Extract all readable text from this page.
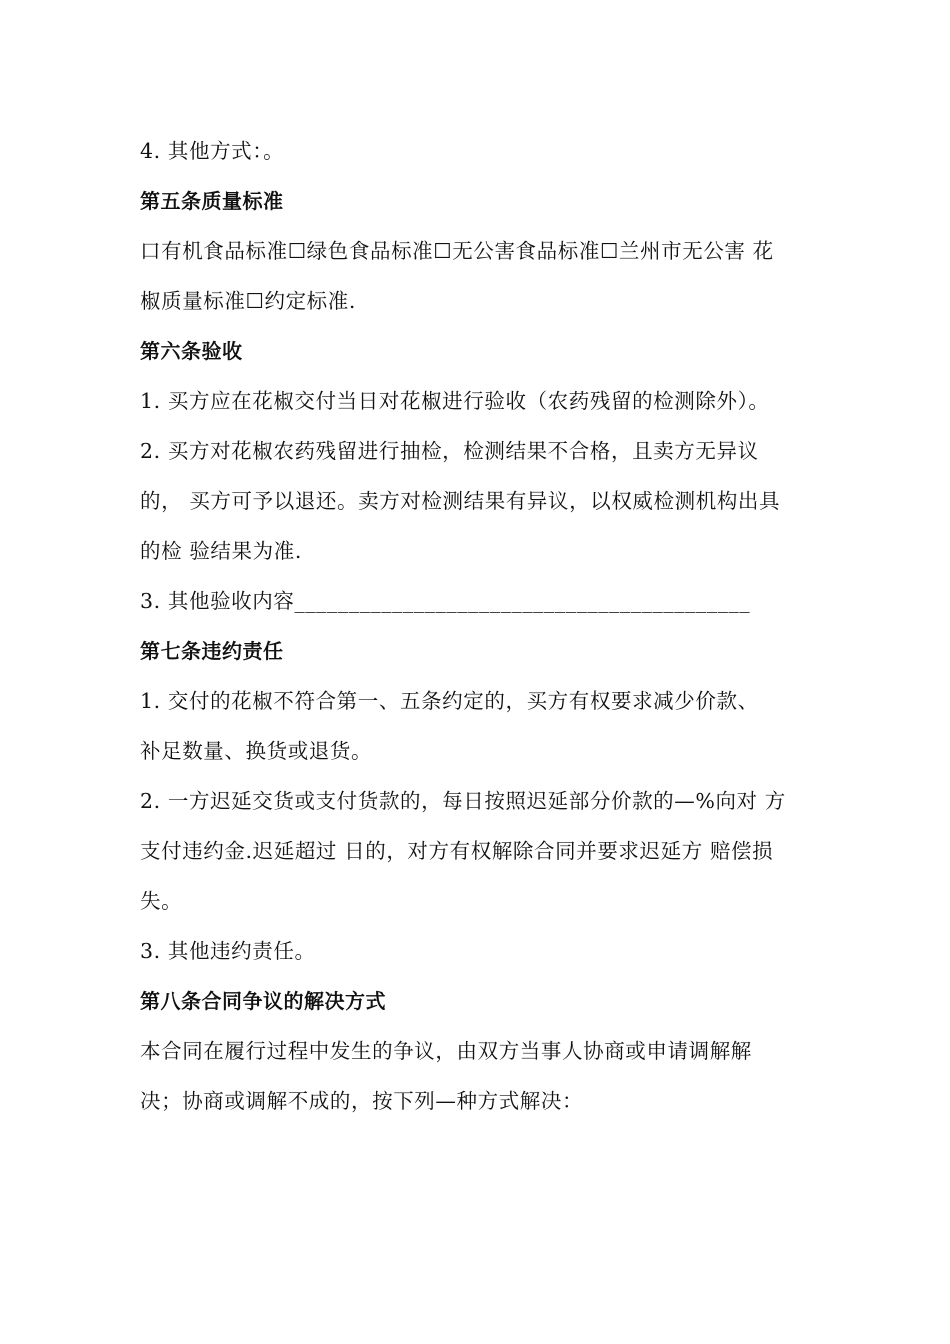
4. 其他方式：。
第五条质量标准
口有机食品标准☐绿色食品标准☐无公害食品标准☐兰州市无公害 花
椒质量标准☐约定标准.
第六条验收
1. 买方应在花椒交付当日对花椒进行验收（农药残留的检测除外）。
2. 买方对花椒农药残留进行抽检，检测结果不合格，且卖方无异议
的， 买方可予以退还。卖方对检测结果有异议，以权威检测机构出具
的检 验结果为准.
3. 其他验收内容__________________________________________
第七条违约责任
1. 交付的花椒不符合第一、五条约定的，买方有权要求减少价款、
补足数量、换货或退货。
2. 一方迟延交货或支付货款的，每日按照迟延部分价款的—%向对 方
支付违约金.迟延超过 日的，对方有权解除合同并要求迟延方 赔偿损
失。
3. 其他违约责任。
第八条合同争议的解决方式
本合同在履行过程中发生的争议，由双方当事人协商或申请调解解
决；协商或调解不成的，按下列—种方式解决：
